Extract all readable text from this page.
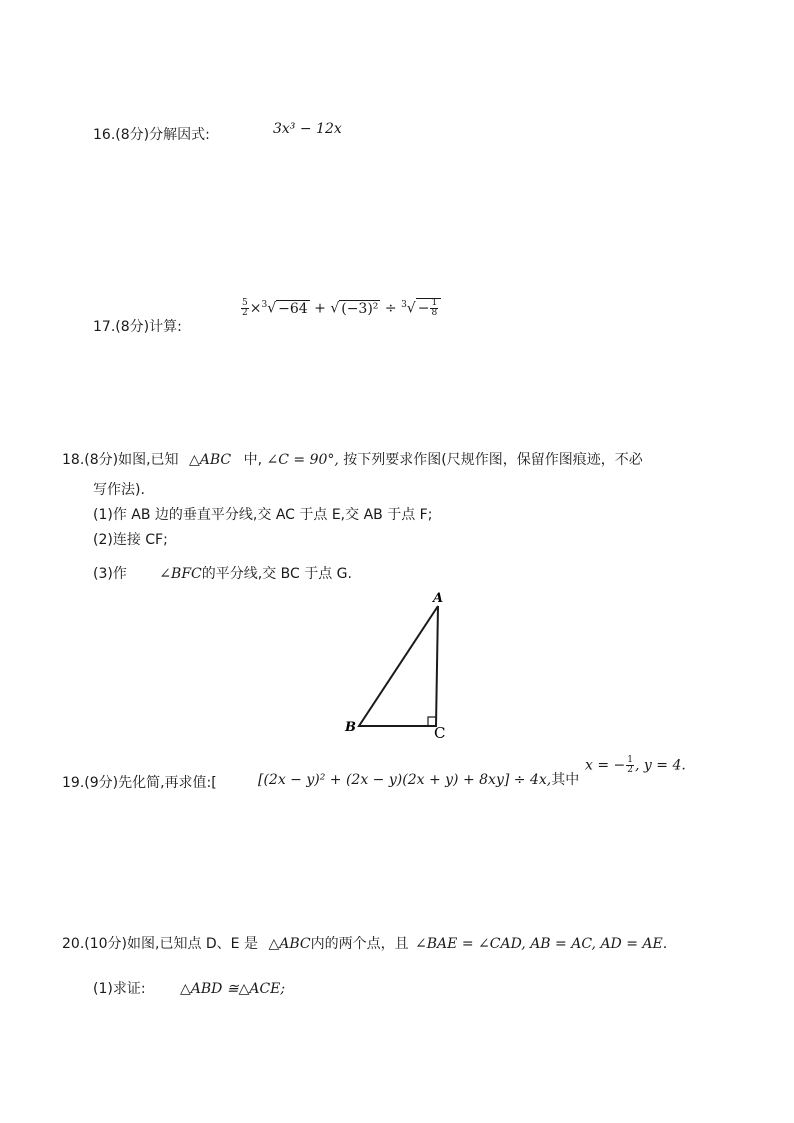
16.(8分)分解因式:	3x³ − 12x
17.(8分)计算:
$\frac{5}{2} \times^3√ -64$ + √ $(-3)^2 \div ^3√ - \frac{1}{8}$
18.(8分)如图,已知 △ABC 中, ∠C = 90°, 按下列要求作图(尺规作图，保留作图痕迹，不必
写作法).
(1)作 AB 边的垂直平分线,交 AC 于点 E,交 AB 于点 F;
(2)连接 CF;
(3)作 ∠BFC的平分线,交 BC 于点 G.
A
B	C
19.(9分)先化简,再求值:[	[(2x − y)² + (2x − y)(2x + y) + 8xy] ÷ 4x,其中
x = − $\frac{1}{2}$ , y = 4.
20.(10分)如图,已知点 D、E 是 △ABC内的两个点，且 ∠BAE = ∠CAD, AB = AC, AD = AE.
(1)求证: △ABD ≅△ACE;
